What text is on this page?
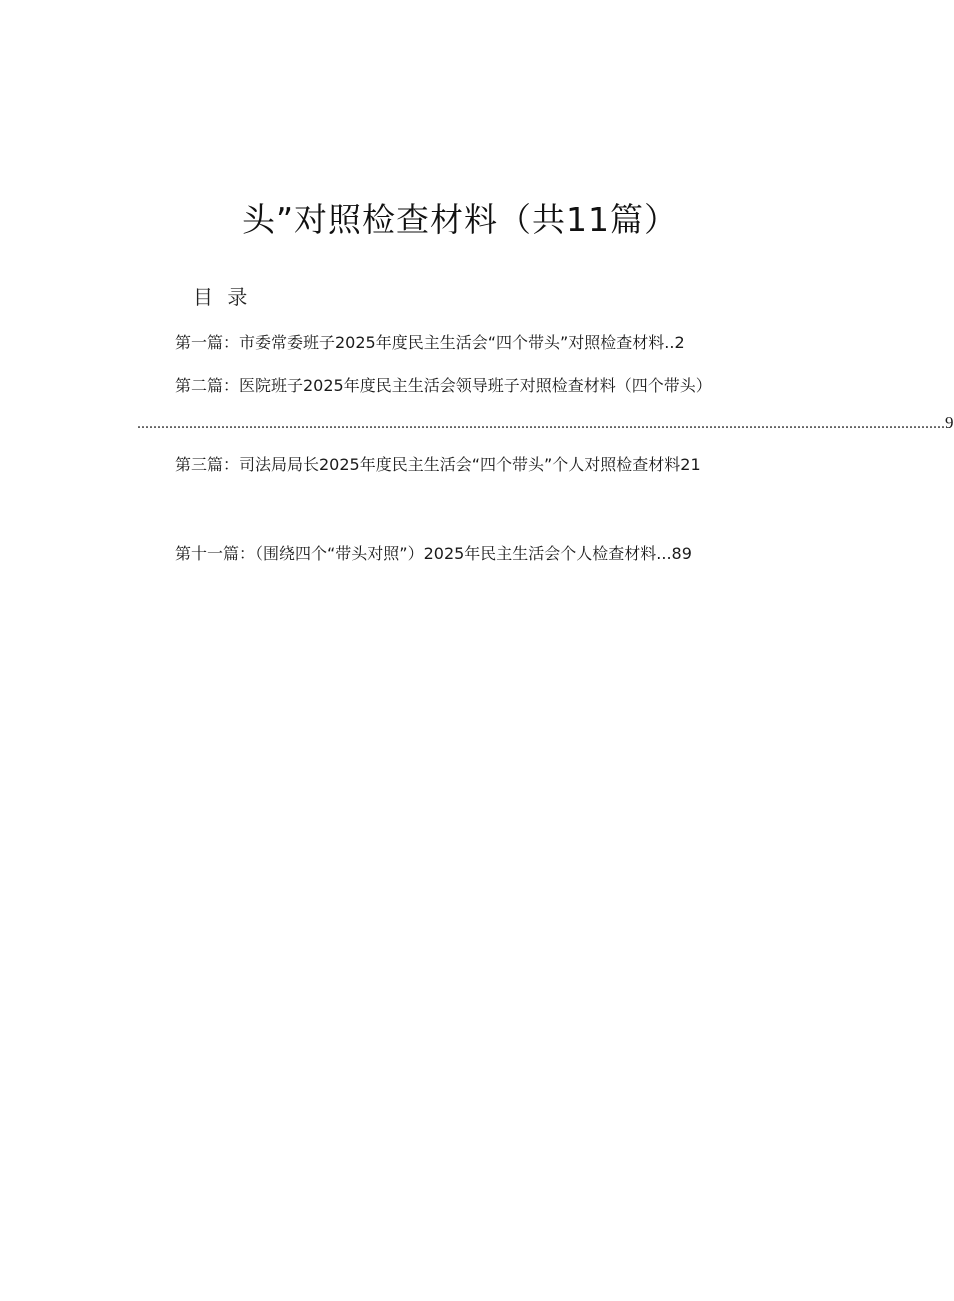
头”对照检查材料（共11篇）
目 录
第一篇：市委常委班子2025年度民主生活会“四个带头”对照检查材料..2
第二篇：医院班子2025年度民主生活会领导班子对照检查材料（四个带头）
.......................................................................................................................................................................................................... 9
第三篇：司法局局长2025年度民主生活会“四个带头”个人对照检查材料21
第十一篇：（围绕四个“带头对照”）2025年民主生活会个人检查材料...89
